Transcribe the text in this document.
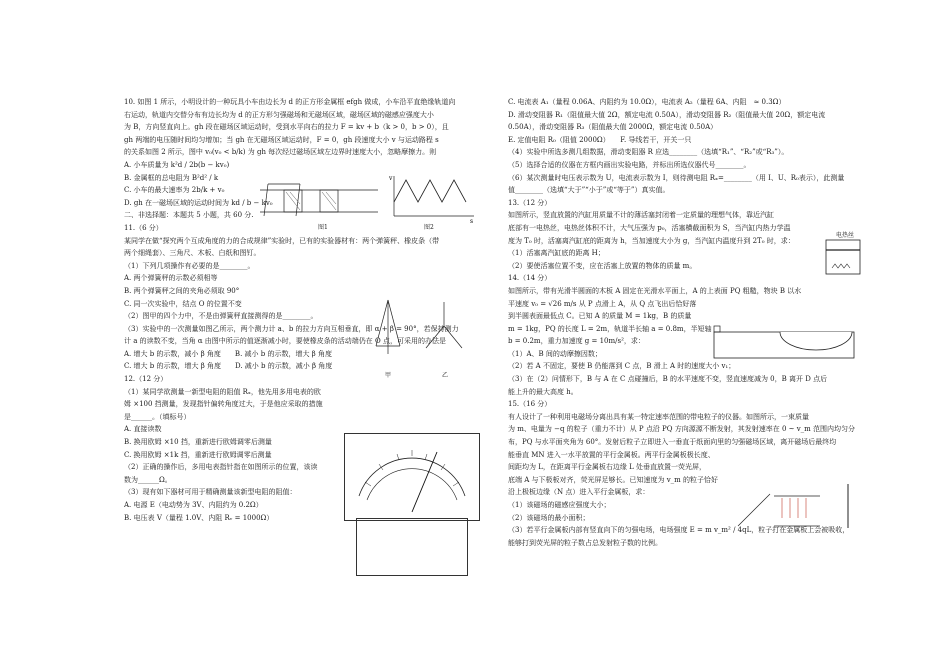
10. 如图 1 所示，小明设计的一种玩具小车由边长为 d 的正方形金属框 efgh 做成，小车沿平直绝缘轨道向
右运动，轨道内交替分布有边长均为 d 的正方形匀强磁场和无磁场区域，磁场区域的磁感应强度大小
为 B，方向竖直向上。gh 段在磁场区域运动时，受到水平向右的拉力 F = kv + b（k > 0，b > 0），且
gh 两端的电压随时间均匀增加；当 gh 在无磁场区域运动时，F = 0，gh 段速度大小 v 与运动路程 s
的关系如图 2 所示，图中 v₀(v₀ < b/k) 为 gh 每次经过磁场区域左边界时速度大小，忽略摩擦力。则
A. 小车质量为 k²d / 2b(b − kv₀)
B. 金属框的总电阻为 B²d² / k
C. 小车的最大速率为 2b/k + v₀
D. gh 在一磁场区域的运动时间为 kd / b − kv₀
二、非选择题：本题共 5 小题，共 60 分.
11.（6 分）
某同学在做“探究两个互成角度的力的合成规律”实验时，已有的实验器材有：两个弹簧秤、橡皮条（带
两个细绳套）、三角尺、木板、白纸和图钉。
（1）下列几项操作有必要的是________。
A. 两个弹簧秤的示数必须相等
B. 两个弹簧秤之间的夹角必须取 90°
C. 同一次实验中，结点 O 的位置不变
（2）图甲的四个力中，不是由弹簧秤直接测得的是________。
（3）实验中的一次测量如图乙所示，两个测力计 a、b 的拉力方向互相垂直，即 α + β = 90°，若保持测力
计 a 的读数不变，当角 α 由图中所示的值逐渐减小时，要使橡皮条的活动端仍在 O 点，可采用的办法是
A. 增大 b 的示数，减小 β 角度　　B. 减小 b 的示数，增大 β 角度
C. 增大 b 的示数，增大 β 角度　　D. 减小 b 的示数，减小 β 角度
12.（12 分）
（1）某同学欲测量一新型电阻的阻值 Rₓ，他先用多用电表的欧
姆 ×100 挡测量，发现指针偏转角度过大，于是他应采取的措施
是______。（填标号）
A. 直接读数
B. 换用欧姆 ×10 挡，重新进行欧姆调零后测量
C. 换用欧姆 ×1k 挡，重新进行欧姆调零后测量
（2）正确的操作后，多用电表指针指在如图所示的位置，该读
数为______Ω。
（3）现有如下器材可用于精确测量该新型电阻的阻值：
A. 电源 E（电动势为 3V、内阻约为 0.2Ω）
B. 电压表 V（量程 1.0V、内阻 Rᵥ = 1000Ω）
C. 电流表 A₁（量程 0.06A、内阻约为 10.0Ω），电流表 A₂（量程 6A、内阻　≈ 0.3Ω）
D. 滑动变阻器 R₁（阻值最大值 2Ω，额定电流 0.50A），滑动变阻器 R₂（阻值最大值 20Ω，额定电流
0.50A），滑动变阻器 R₃（阻值最大值 2000Ω，额定电流 0.50A）
E. 定值电阻 R₀（阻值 2000Ω）　　F. 导线若干，开关一只
（4）实验中所选多测几组数据，滑动变阻器 R 应选________（选填“R₁”、“R₂”或“R₃”）。
（5）选择合适的仪器在方框内画出实验电路，并标出所选仪器代号________。
（6）某次测量时电压表示数为 U，电流表示数为 I，则待测电阻 Rₓ=________（用 I、U、R₀表示），此测量
值________（选填“大于”“小于”或“等于”）真实值。
13.（12 分）
如图所示，竖直放置的汽缸用质量不计的薄活塞封闭着一定质量的理想气体，靠近汽缸
底部有一电热丝，电热丝体积不计，大气压强为 p₀，活塞横截面积为 S，当汽缸内热力学温
度为 T₀ 时，活塞离汽缸底的距离为 h，当加速度大小为 g，当汽缸内温度升到 2T₀ 时，求：
（1）活塞离汽缸底的距离 H；
（2）要使活塞位置不变，应在活塞上放置的物体的质量 m。
14.（14 分）
如图所示，带有光滑半圆面的木板 A 固定在光滑水平面上，A 的上表面 PQ 粗糙，物块 B 以水
平速度 v₀ = √26 m/s 从 P 点滑上 A，从 Q 点飞出后恰好落
到半圆表面最低点 C。已知 A 的质量 M = 1kg，B 的质量
m = 1kg，PQ 的长度 L = 2m，轨道半长轴 a = 0.8m，半短轴
b = 0.2m，重力加速度 g = 10m/s²，求：
（1）A、B 间的动摩擦因数；
（2）若 A 不固定，要使 B 仍能落到 C 点，B 滑上 A 时的速度大小 v₁；
（3）在（2）问情形下，B 与 A 在 C 点碰撞后，B 的水平速度不变，竖直速度减为 0，B 离开 D 点后
能上升的最大高度 h。
15.（16 分）
有人设计了一种利用电磁场分离出具有某一特定速率范围的带电粒子的仪器。如图所示，一束质量
为 m、电量为 −q 的粒子（重力不计）从 P 点沿 PQ 方向源源不断发射，其发射速率在 0 ~ v_m 范围内均匀分
布，PQ 与水平面夹角为 60°。发射后粒子立即进入一垂直于纸面向里的匀强磁场区域，离开磁场后最终均
能垂直 MN 进入一水平放置的平行金属板。两平行金属板极长度、
间距均为 L，在距离平行金属板右边缘 L 处垂直放置一荧光屏，
底端 A 与下极板对齐，荧光屏足够长。已知速度为 v_m 的粒子恰好
沿上极板边缘（N 点）进入平行金属板，求：
（1）该磁场的磁感应强度大小；
（2）该磁场的最小面积；
（3）若平行金属板内部有竖直向下的匀强电场，电场强度 E = m v_m² / 4qL，粒子打在金属板上会被吸收，
能够打到荧光屏的粒子数占总发射粒子数的比例。
图1
v
s
图2
甲	乙
电热丝
